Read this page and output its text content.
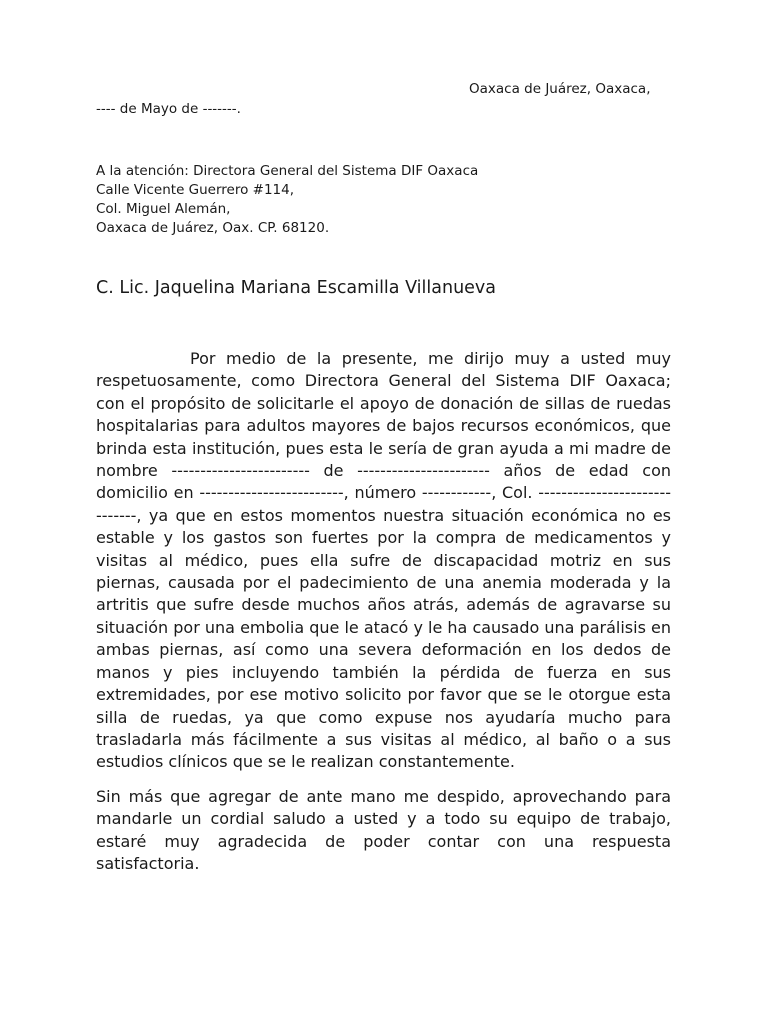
Oaxaca de Juárez, Oaxaca,
---- de Mayo de -------.
A la atención: Directora General del Sistema DIF Oaxaca
Calle Vicente Guerrero #114,
Col. Miguel Alemán,
Oaxaca de Juárez, Oax. CP. 68120.
C. Lic. Jaquelina Mariana Escamilla Villanueva

Por medio de la presente, me dirijo muy a usted muy respetuosamente, como Directora General del Sistema DIF Oaxaca; con el propósito de solicitarle el apoyo de donación de sillas de ruedas hospitalarias para adultos mayores de bajos recursos económicos, que brinda esta institución, pues esta le sería de gran ayuda a mi madre de nombre ------------------------ de ----------------------- años de edad con domicilio en -------------------------, número ------------, Col. ------------------------------, ya que en estos momentos nuestra situación económica no es estable y los gastos son fuertes por la compra de medicamentos y visitas al médico, pues ella sufre de discapacidad motriz en sus piernas, causada por el padecimiento de una anemia moderada y la artritis que sufre desde muchos años atrás, además de agravarse su situación por una embolia que le atacó y le ha causado una parálisis en ambas piernas, así como una severa deformación en los dedos de manos y pies incluyendo también la pérdida de fuerza en sus extremidades, por ese motivo solicito por favor que se le otorgue esta silla de ruedas, ya que como expuse nos ayudaría mucho para trasladarla más fácilmente a sus visitas al médico, al baño o a sus estudios clínicos que se le realizan constantemente.

Sin más que agregar de ante mano me despido, aprovechando para mandarle un cordial saludo a usted y a todo su equipo de trabajo, estaré muy agradecida de poder contar con una respuesta satisfactoria.
